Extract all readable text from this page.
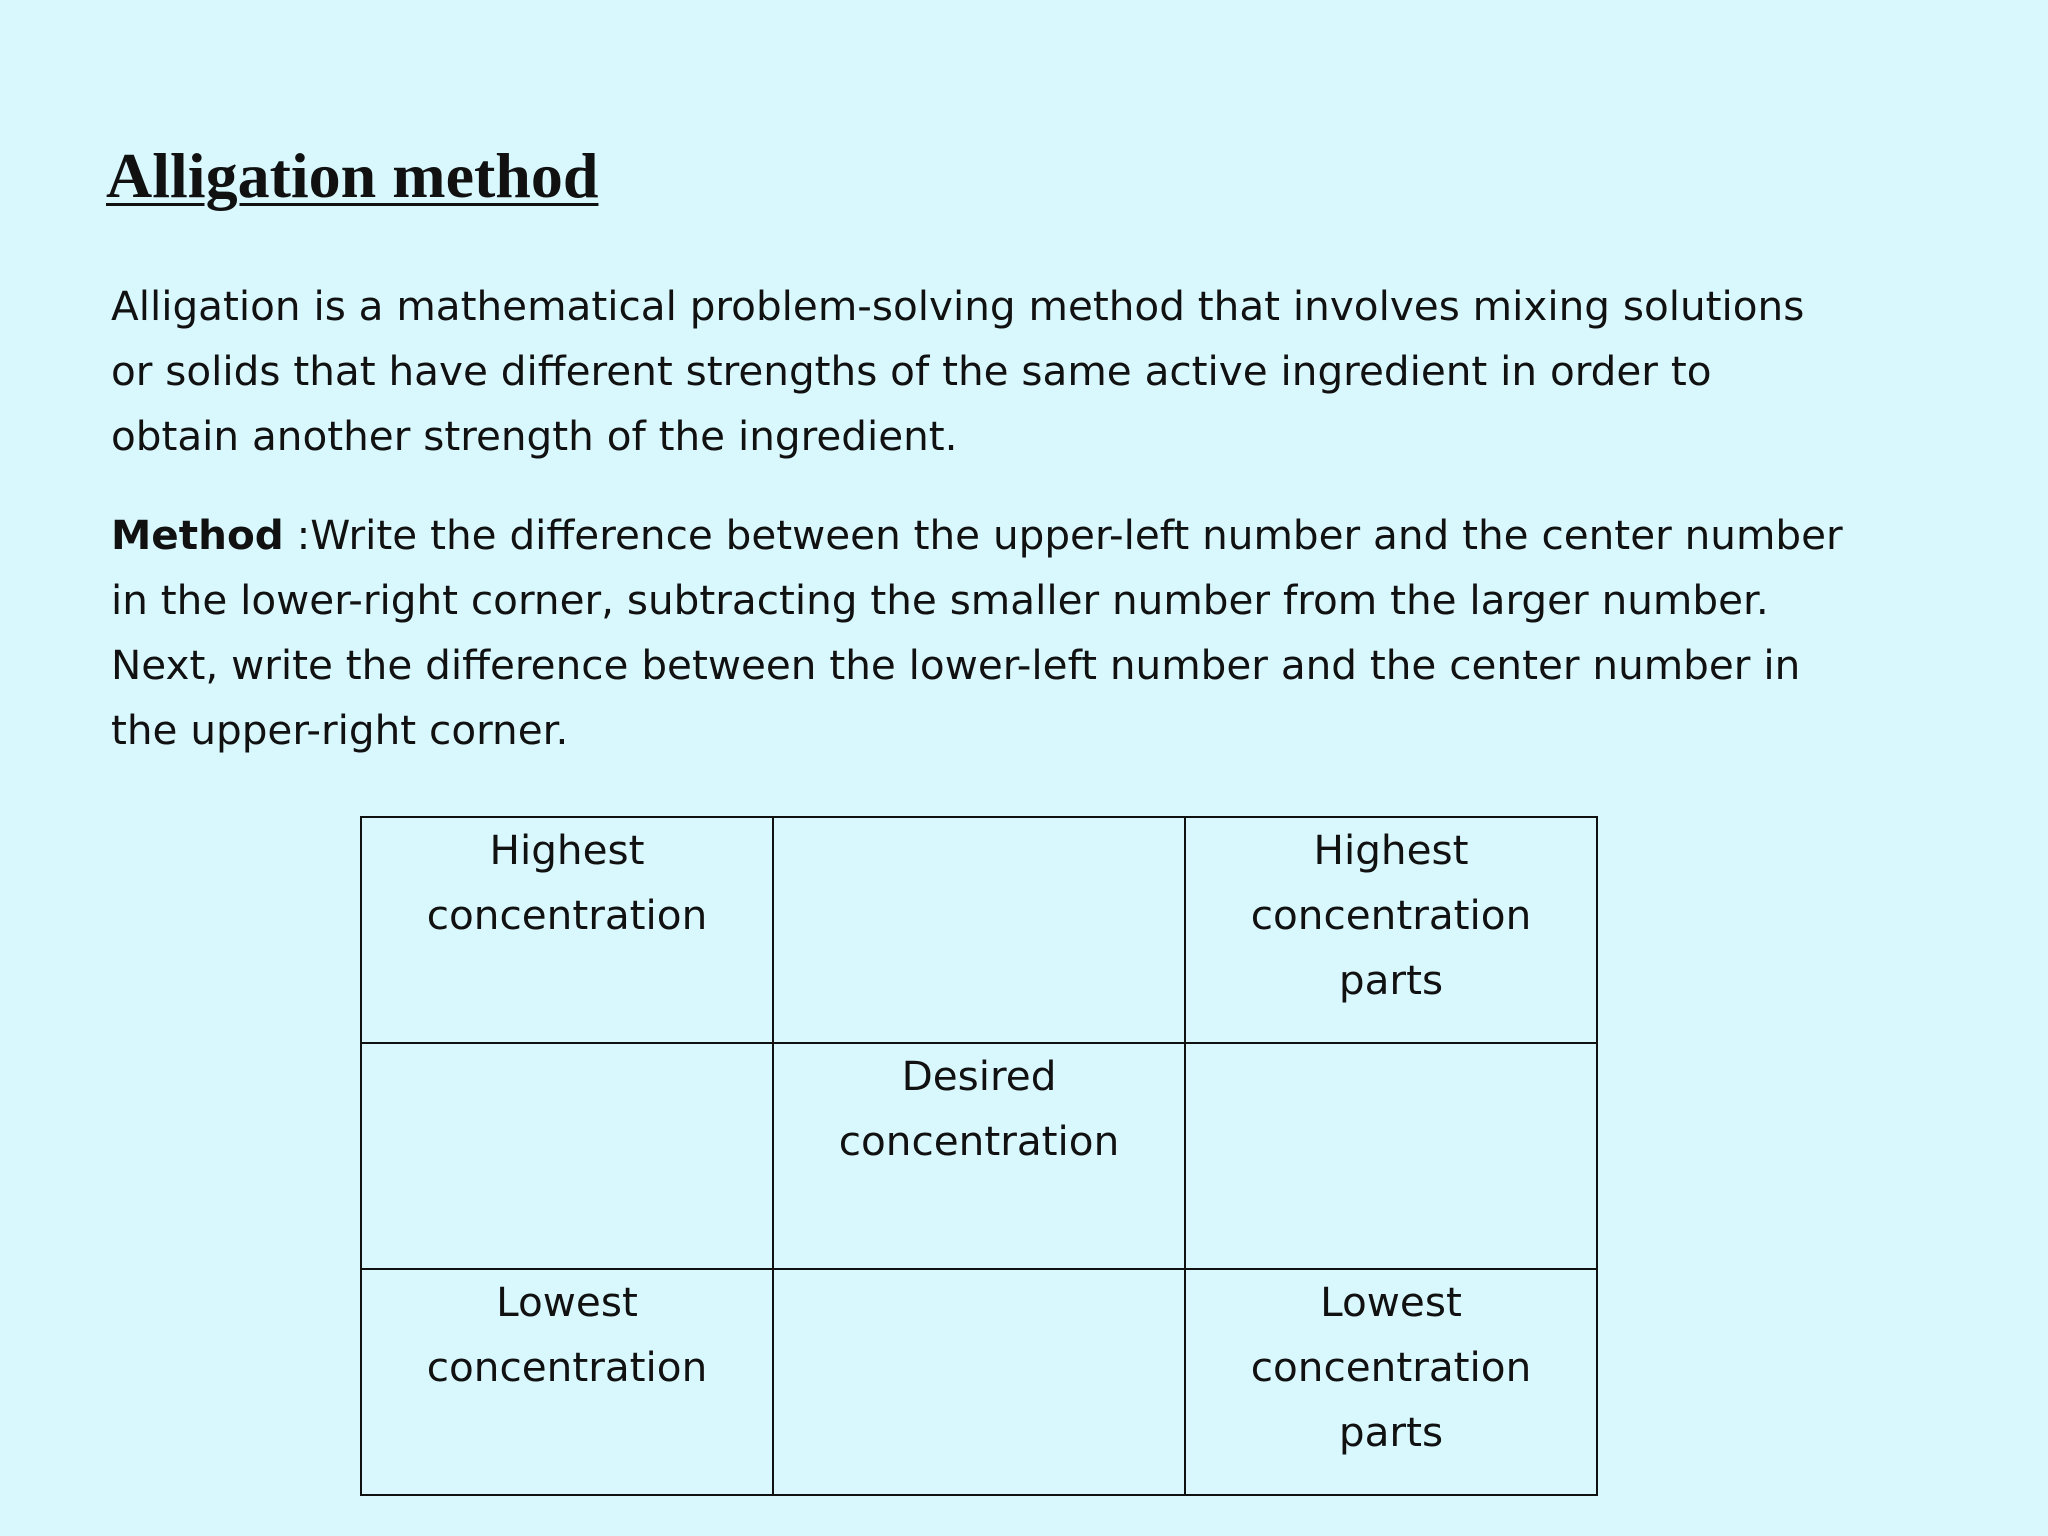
Alligation method

Alligation is a mathematical problem-solving method that involves mixing solutions
or solids that have different strengths of the same active ingredient in order to
obtain another strength of the ingredient.

Method :Write the difference between the upper-left number and the center number
in the lower-right corner, subtracting the smaller number from the larger number.
Next, write the difference between the lower-left number and the center number in
the upper-right corner.

Highest
concentration		Highest
concentration
parts

	Desired
concentration	

Lowest
concentration		Lowest
concentration
parts
